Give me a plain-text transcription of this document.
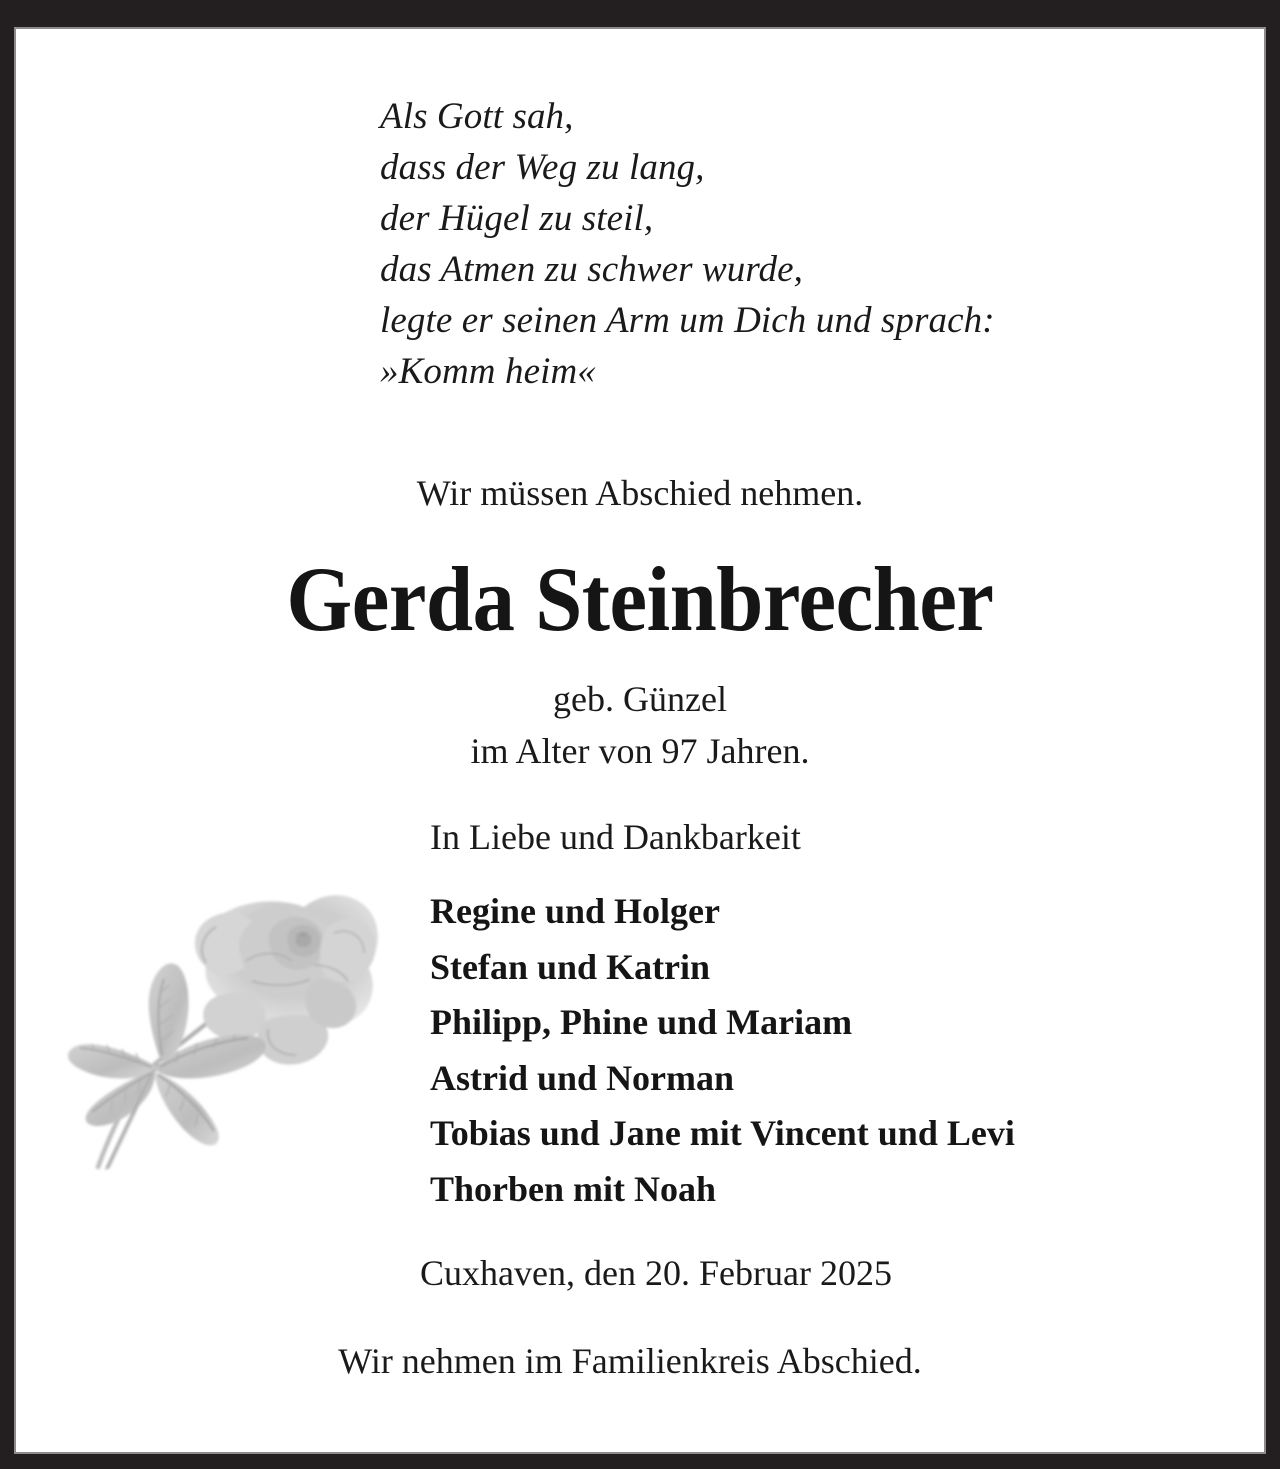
Als Gott sah,
dass der Weg zu lang,
der Hügel zu steil,
das Atmen zu schwer wurde,
legte er seinen Arm um Dich und sprach:
»Komm heim«
Wir müssen Abschied nehmen.
Gerda Steinbrecher
geb. Günzel
im Alter von 97 Jahren.
In Liebe und Dankbarkeit
Regine und Holger
Stefan und Katrin
Philipp, Phine und Mariam
Astrid und Norman
Tobias und Jane mit Vincent und Levi
Thorben mit Noah
Cuxhaven, den 20. Februar 2025
Wir nehmen im Familienkreis Abschied.
